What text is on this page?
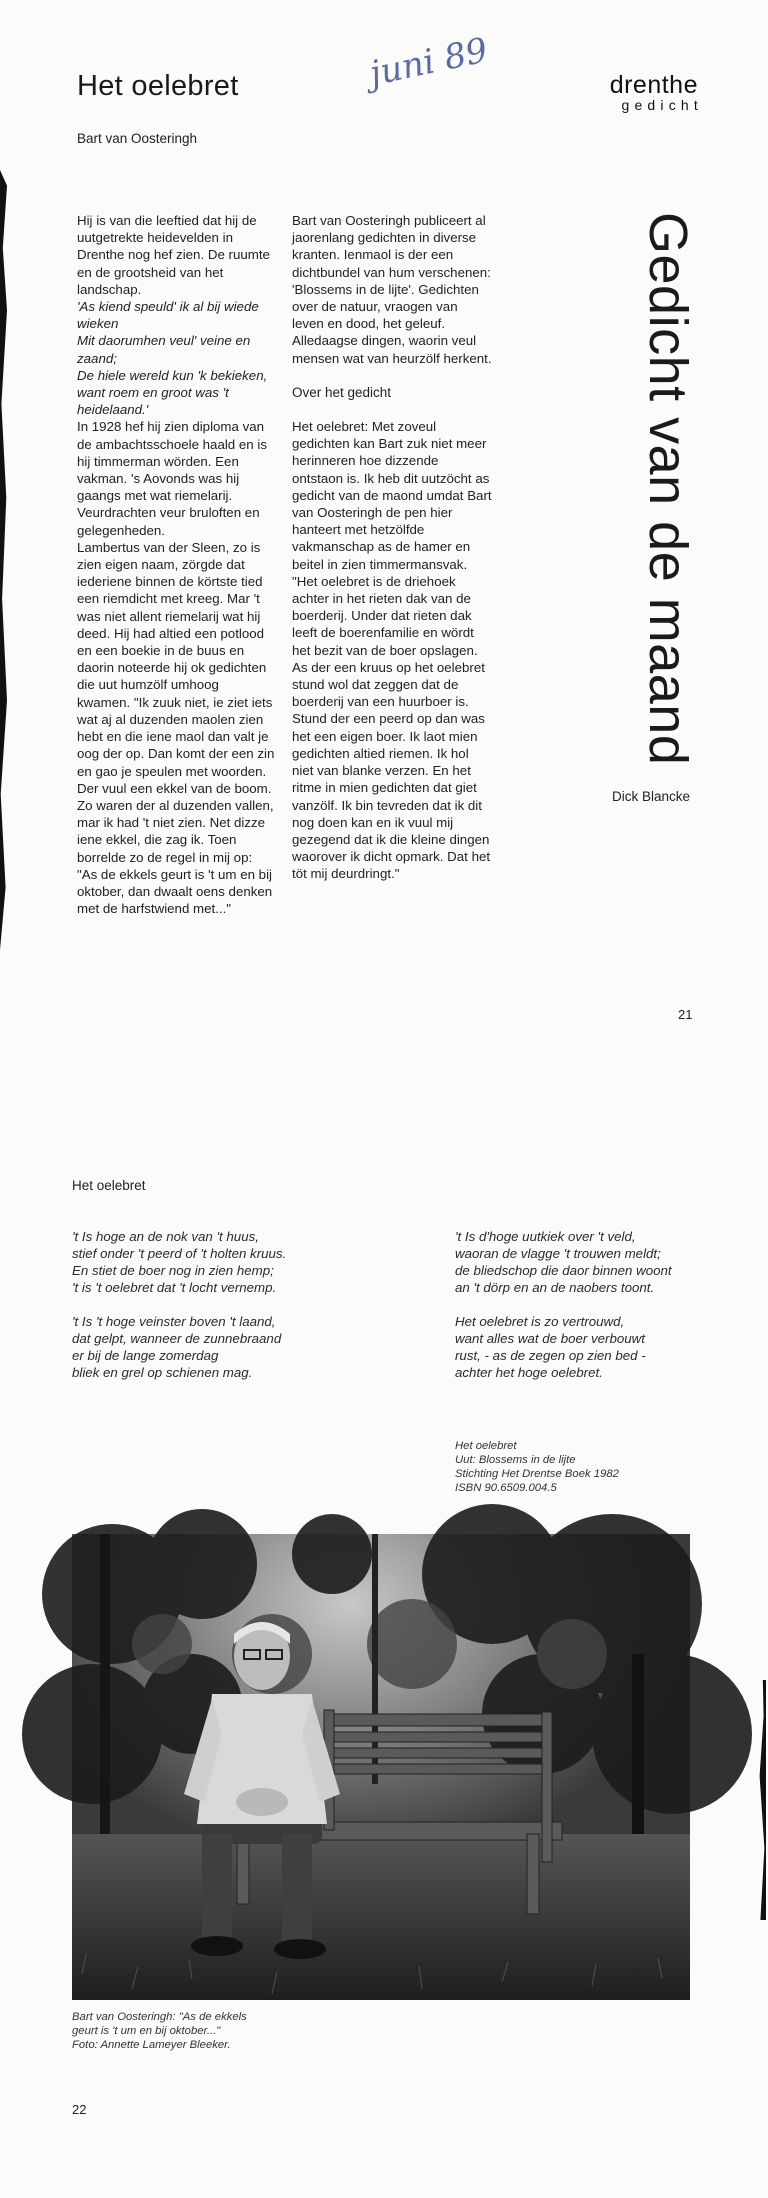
juni 89
Het oelebret
Bart van Oosteringh
drenthe
gedicht
Gedicht van de maand
Dick Blancke

Hij is van die leeftied dat hij de uutgetrekte heidevelden in Drenthe nog hef zien. De ruumte en de grootsheid van het landschap.
'As kiend speuld' ik al bij wiede wieken
Mit daorumhen veul' veine en zaand;
De hiele wereld kun 'k bekieken,
want roem en groot was 't heidelaand.'

In 1928 hef hij zien diploma van de ambachtsschoele haald en is hij timmerman wörden. Een vakman. 's Aovonds was hij gaangs met wat riemelarij. Veurdrachten veur bruloften en gelegenheden.

Lambertus van der Sleen, zo is zien eigen naam, zörgde dat iederiene binnen de körtste tied een riemdicht met kreeg. Mar 't was niet allent riemelarij wat hij deed. Hij had altied een potlood en een boekie in de buus en daorin noteerde hij ok gedichten die uut humzölf umhoog kwamen. "Ik zuuk niet, ie ziet iets wat aj al duzenden maolen zien hebt en die iene maol dan valt je oog der op. Dan komt der een zin en gao je speulen met woorden. Der vuul een ekkel van de boom. Zo waren der al duzenden vallen, mar ik had 't niet zien. Net dizze iene ekkel, die zag ik. Toen borrelde zo de regel in mij op: "As de ekkels geurt is 't um en bij oktober, dan dwaalt oens denken met de harfstwiend met..."

Bart van Oosteringh publiceert al jaorenlang gedichten in diverse kranten. Ienmaol is der een dichtbundel van hum verschenen: 'Blossems in de lijte'. Gedichten over de natuur, vraogen van leven en dood, het geleuf. Alledaagse dingen, waorin veul mensen wat van heurzölf herkent.

Over het gedicht

Het oelebret: Met zoveul gedichten kan Bart zuk niet meer herinneren hoe dizzende ontstaon is. Ik heb dit uutzöcht as gedicht van de maond umdat Bart van Oosteringh de pen hier hanteert met hetzölfde vakmanschap as de hamer en beitel in zien timmermansvak.

"Het oelebret is de driehoek achter in het rieten dak van de boerderij. Under dat rieten dak leeft de boerenfamilie en wördt het bezit van de boer opslagen. As der een kruus op het oelebret stund wol dat zeggen dat de boerderij van een huurboer is. Stund der een peerd op dan was het een eigen boer. Ik laot mien gedichten altied riemen. Ik hol niet van blanke verzen. En het ritme in mien gedichten dat giet vanzölf. Ik bin tevreden dat ik dit nog doen kan en ik vuul mij gezegend dat ik die kleine dingen waorover ik dicht opmark. Dat het töt mij deurdringt."

21
Het oelebret

't Is hoge an de nok van 't huus,
stief onder 't peerd of 't holten kruus.
En stiet de boer nog in zien hemp;
't is 't oelebret dat 't locht vernemp.

't Is 't hoge veinster boven 't laand,
dat gelpt, wanneer de zunnebraand
er bij de lange zomerdag
bliek en grel op schienen mag.

't Is d'hoge uutkiek over 't veld,
waoran de vlagge 't trouwen meldt;
de bliedschop die daor binnen woont
an 't dörp en an de naobers toont.

Het oelebret is zo vertrouwd,
want alles wat de boer verbouwt
rust, - as de zegen op zien bed -
achter het hoge oelebret.

Het oelebret
Uut: Blossems in de lijte
Stichting Het Drentse Boek 1982
ISBN 90.6509.004.5
Bart van Oosteringh: "As de ekkels
geurt is 't um en bij oktober..."
Foto: Annette Lameyer Bleeker.
22
